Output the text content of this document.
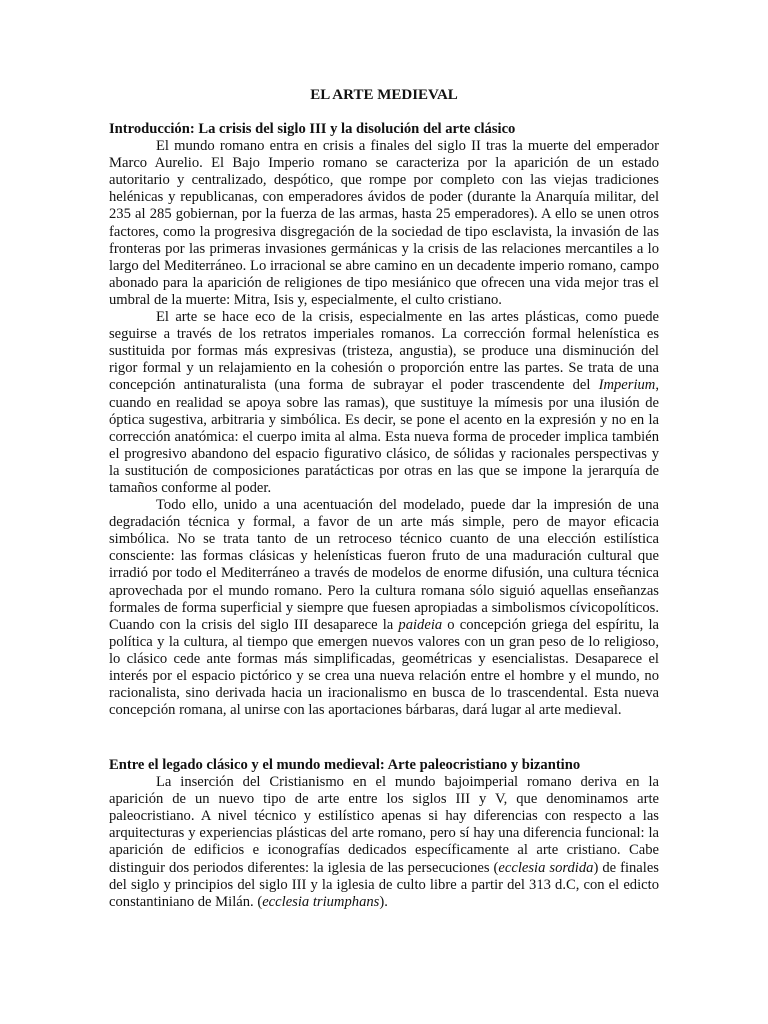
EL ARTE MEDIEVAL
Introducción: La crisis del siglo III y la disolución del arte clásico

El mundo romano entra en crisis a finales del siglo II tras la muerte del emperador Marco Aurelio. El Bajo Imperio romano se caracteriza por la aparición de un estado autoritario y centralizado, despótico, que rompe por completo con las viejas tradiciones helénicas y republicanas, con emperadores ávidos de poder (durante la Anarquía militar, del 235 al 285 gobiernan, por la fuerza de las armas, hasta 25 emperadores). A ello se unen otros factores, como la progresiva disgregación de la sociedad de tipo esclavista, la invasión de las fronteras por las primeras invasiones germánicas y la crisis de las relaciones mercantiles a lo largo del Mediterráneo. Lo irracional se abre camino en un decadente imperio romano, campo abonado para la aparición de religiones de tipo mesiánico que ofrecen una vida mejor tras el umbral de la muerte: Mitra, Isis y, especialmente, el culto cristiano.

El arte se hace eco de la crisis, especialmente en las artes plásticas, como puede seguirse a través de los retratos imperiales romanos. La corrección formal helenística es sustituida por formas más expresivas (tristeza, angustia), se produce una disminución del rigor formal y un relajamiento en la cohesión o proporción entre las partes. Se trata de una concepción antinaturalista (una forma de subrayar el poder trascendente del Imperium, cuando en realidad se apoya sobre las ramas), que sustituye la mímesis por una ilusión de óptica sugestiva, arbitraria y simbólica. Es decir, se pone el acento en la expresión y no en la corrección anatómica: el cuerpo imita al alma. Esta nueva forma de proceder implica también el progresivo abandono del espacio figurativo clásico, de sólidas y racionales perspectivas y la sustitución de composiciones paratácticas por otras en las que se impone la jerarquía de tamaños conforme al poder.

Todo ello, unido a una acentuación del modelado, puede dar la impresión de una degradación técnica y formal, a favor de un arte más simple, pero de mayor eficacia simbólica. No se trata tanto de un retroceso técnico cuanto de una elección estilística consciente: las formas clásicas y helenísticas fueron fruto de una maduración cultural que irradió por todo el Mediterráneo a través de modelos de enorme difusión, una cultura técnica aprovechada por el mundo romano. Pero la cultura romana sólo siguió aquellas enseñanzas formales de forma superficial y siempre que fuesen apropiadas a simbolismos cívicopolíticos. Cuando con la crisis del siglo III desaparece la paideia o concepción griega del espíritu, la política y la cultura, al tiempo que emergen nuevos valores con un gran peso de lo religioso, lo clásico cede ante formas más simplificadas, geométricas y esencialistas. Desaparece el interés por el espacio pictórico y se crea una nueva relación entre el hombre y el mundo, no racionalista, sino derivada hacia un iracionalismo en busca de lo trascendental. Esta nueva concepción romana, al unirse con las aportaciones bárbaras, dará lugar al arte medieval.

Entre el legado clásico y el mundo medieval: Arte paleocristiano y bizantino

La inserción del Cristianismo en el mundo bajoimperial romano deriva en la aparición de un nuevo tipo de arte entre los siglos III y V, que denominamos arte paleocristiano. A nivel técnico y estilístico apenas si hay diferencias con respecto a las arquitecturas y experiencias plásticas del arte romano, pero sí hay una diferencia funcional: la aparición de edificios e iconografías dedicados específicamente al arte cristiano. Cabe distinguir dos periodos diferentes: la iglesia de las persecuciones (ecclesia sordida) de finales del siglo y principios del siglo III y la iglesia de culto libre a partir del 313 d.C, con el edicto constantiniano de Milán. (ecclesia triumphans).
